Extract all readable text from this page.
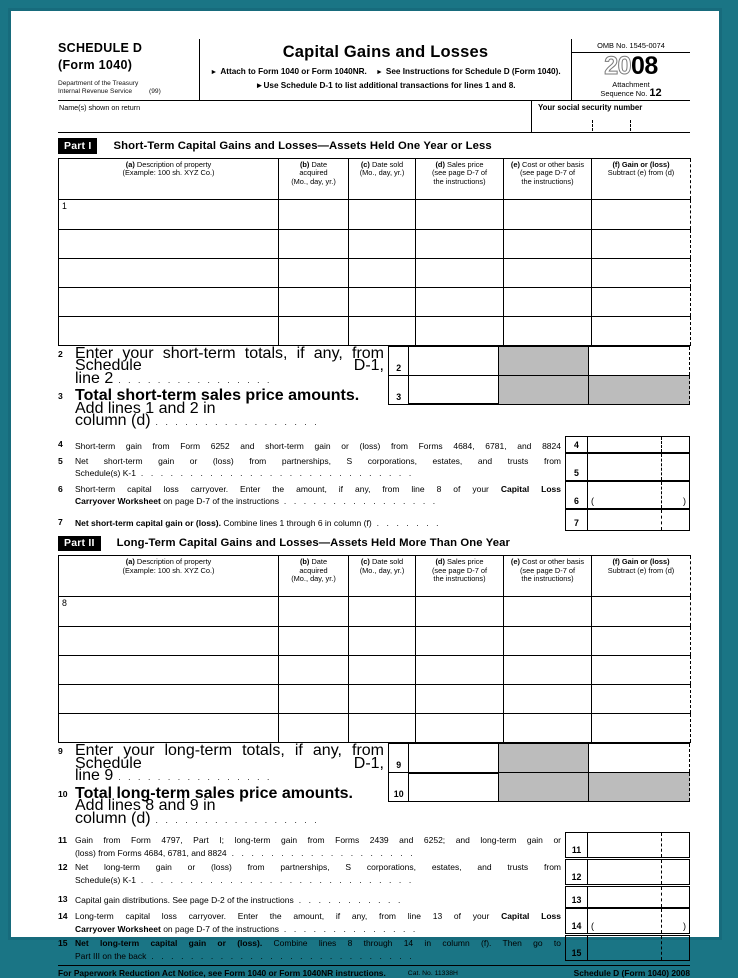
SCHEDULE D
(Form 1040)
Department of the Treasury
Internal Revenue Service	(99)
Capital Gains and Losses
► Attach to Form 1040 or Form 1040NR. ► See Instructions for Schedule D (Form 1040).
►Use Schedule D-1 to list additional transactions for lines 1 and 8.
OMB No. 1545-0074
2008
Attachment
Sequence No. 12
Name(s) shown on return	Your social security number
Part I	Short-Term Capital Gains and Losses—Assets Held One Year or Less
(a) Description of property
(Example: 100 sh. XYZ Co.)	(b) Date
acquired
(Mo., day, yr.)	(c) Date sold
(Mo., day, yr.)	(d) Sales price
(see page D-7 of
the instructions)	(e) Cost or other basis
(see page D-7 of
the instructions)	(f) Gain or (loss)
Subtract (e) from (d)
1					

2 Enter your short-term totals, if any, from Schedule D-1,
line 2 . . . . . . . . . . . . . . . .
3 Total short-term sales price amounts. Add lines 1 and 2 in
column (d) . . . . . . . . . . . . . . . . .
2			
3			
4	Short-term gain from Form 6252 and short-term gain or (loss) from Forms 4684, 6781, and 8824	4
5	Net short-term gain or (loss) from partnerships, S corporations, estates, and trusts from
Schedule(s) K-1 . . . . . . . . . . . . . . . . . . . . . . . . . . . .	5
6	Short-term capital loss carryover. Enter the amount, if any, from line 8 of your Capital Loss
Carryover Worksheet on page D-7 of the instructions . . . . . . . . . . . . . . . .	6	(	)
7	Net short-term capital gain or (loss). Combine lines 1 through 6 in column (f) . . . . . . .	7
Part II	Long-Term Capital Gains and Losses—Assets Held More Than One Year
(a) Description of property
(Example: 100 sh. XYZ Co.)	(b) Date
acquired
(Mo., day, yr.)	(c) Date sold
(Mo., day, yr.)	(d) Sales price
(see page D-7 of
the instructions)	(e) Cost or other basis
(see page D-7 of
the instructions)	(f) Gain or (loss)
Subtract (e) from (d)
8					

9 Enter your long-term totals, if any, from Schedule D-1,
line 9 . . . . . . . . . . . . . . . .
10 Total long-term sales price amounts. Add lines 8 and 9 in
column (d) . . . . . . . . . . . . . . . . .
9			
10			
11 Gain from Form 4797, Part I; long-term gain from Forms 2439 and 6252; and long-term gain or
(loss) from Forms 4684, 6781, and 8824 . . . . . . . . . . . . . . . . . . .	11
12 Net long-term gain or (loss) from partnerships, S corporations, estates, and trusts from
Schedule(s) K-1 . . . . . . . . . . . . . . . . . . . . . . . . . . . .	12
13 Capital gain distributions. See page D-2 of the instructions . . . . . . . . . . .	13
14 Long-term capital loss carryover. Enter the amount, if any, from line 13 of your Capital Loss
Carryover Worksheet on page D-7 of the instructions . . . . . . . . . . . . . .	14	(	)
15 Net long-term capital gain or (loss). Combine lines 8 through 14 in column (f). Then go to
Part III on the back . . . . . . . . . . . . . . . . . . . . . . . . . . .	15
For Paperwork Reduction Act Notice, see Form 1040 or Form 1040NR instructions.	Cat. No. 11338H	Schedule D (Form 1040) 2008
